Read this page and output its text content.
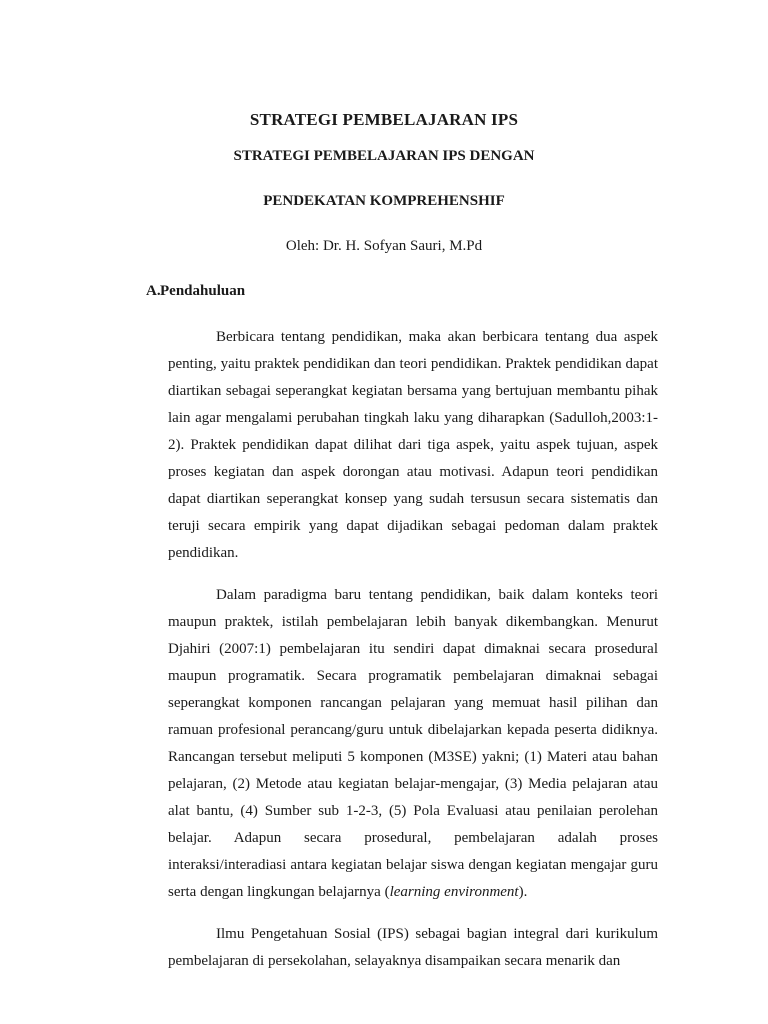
STRATEGI PEMBELAJARAN IPS
STRATEGI PEMBELAJARAN IPS DENGAN
PENDEKATAN KOMPREHENSHIF

Oleh: Dr. H. Sofyan Sauri, M.Pd

A.Pendahuluan

Berbicara tentang pendidikan, maka akan berbicara tentang dua aspek penting, yaitu praktek pendidikan dan teori pendidikan. Praktek pendidikan dapat diartikan sebagai seperangkat kegiatan bersama yang bertujuan membantu pihak lain agar mengalami perubahan tingkah laku yang diharapkan (Sadulloh,2003:1-2). Praktek pendidikan dapat dilihat dari tiga aspek, yaitu aspek tujuan, aspek proses kegiatan dan aspek dorongan atau motivasi. Adapun teori pendidikan dapat diartikan seperangkat konsep yang sudah tersusun secara sistematis dan teruji secara empirik yang dapat dijadikan sebagai pedoman dalam praktek pendidikan.

Dalam paradigma baru tentang pendidikan, baik dalam konteks teori maupun praktek, istilah pembelajaran lebih banyak dikembangkan. Menurut Djahiri (2007:1) pembelajaran itu sendiri dapat dimaknai secara prosedural maupun programatik. Secara programatik pembelajaran dimaknai sebagai seperangkat komponen rancangan pelajaran yang memuat hasil pilihan dan ramuan profesional perancang/guru untuk dibelajarkan kepada peserta didiknya. Rancangan tersebut meliputi 5 komponen (M3SE) yakni; (1) Materi atau bahan pelajaran, (2) Metode atau kegiatan belajar-mengajar, (3) Media pelajaran atau alat bantu, (4) Sumber sub 1-2-3, (5) Pola Evaluasi atau penilaian perolehan belajar. Adapun secara prosedural, pembelajaran adalah proses interaksi/interadiasi antara kegiatan belajar siswa dengan kegiatan mengajar guru serta dengan lingkungan belajarnya (learning environment).

Ilmu Pengetahuan Sosial (IPS) sebagai bagian integral dari kurikulum pembelajaran di persekolahan, selayaknya disampaikan secara menarik dan
